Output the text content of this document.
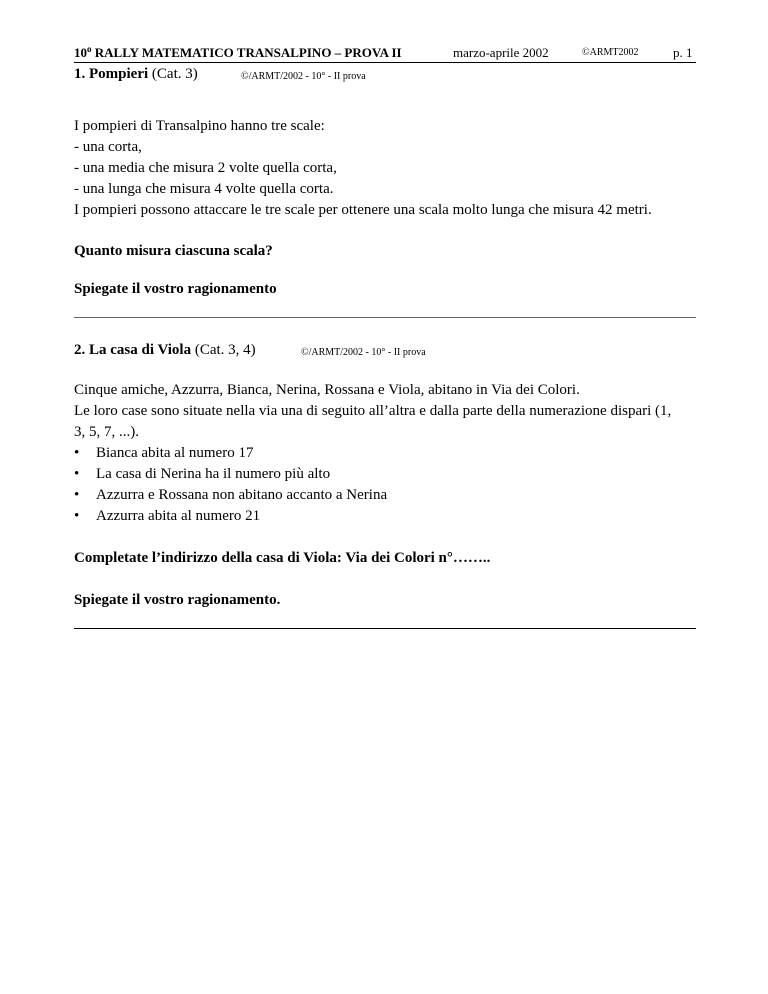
10$^o$ RALLY MATEMATICO TRANSALPINO – PROVA II	marzo-aprile 2002	©ARMT2002	p. 1
1. Pompieri (Cat. 3)	©/ARMT/2002 - 10° - II prova
I pompieri di Transalpino hanno tre scale:
- una corta,
- una media che misura 2 volte quella corta,
- una lunga che misura 4 volte quella corta.
I pompieri possono attaccare le tre scale per ottenere una scala molto lunga che misura 42 metri.
Quanto misura ciascuna scala?
Spiegate il vostro ragionamento
2. La casa di Viola (Cat. 3, 4)	©/ARMT/2002 - 10° - II prova
Cinque amiche, Azzurra, Bianca, Nerina, Rossana e Viola, abitano in Via dei Colori.
Le loro case sono situate nella via una di seguito all’altra e dalla parte della numerazione dispari (1,
3, 5, 7, ...).
• Bianca abita al numero 17
• La casa di Nerina ha il numero più alto
• Azzurra e Rossana non abitano accanto a Nerina
• Azzurra abita al numero 21
Completate l’indirizzo della casa di Viola: Via dei Colori n°……..
Spiegate il vostro ragionamento.
